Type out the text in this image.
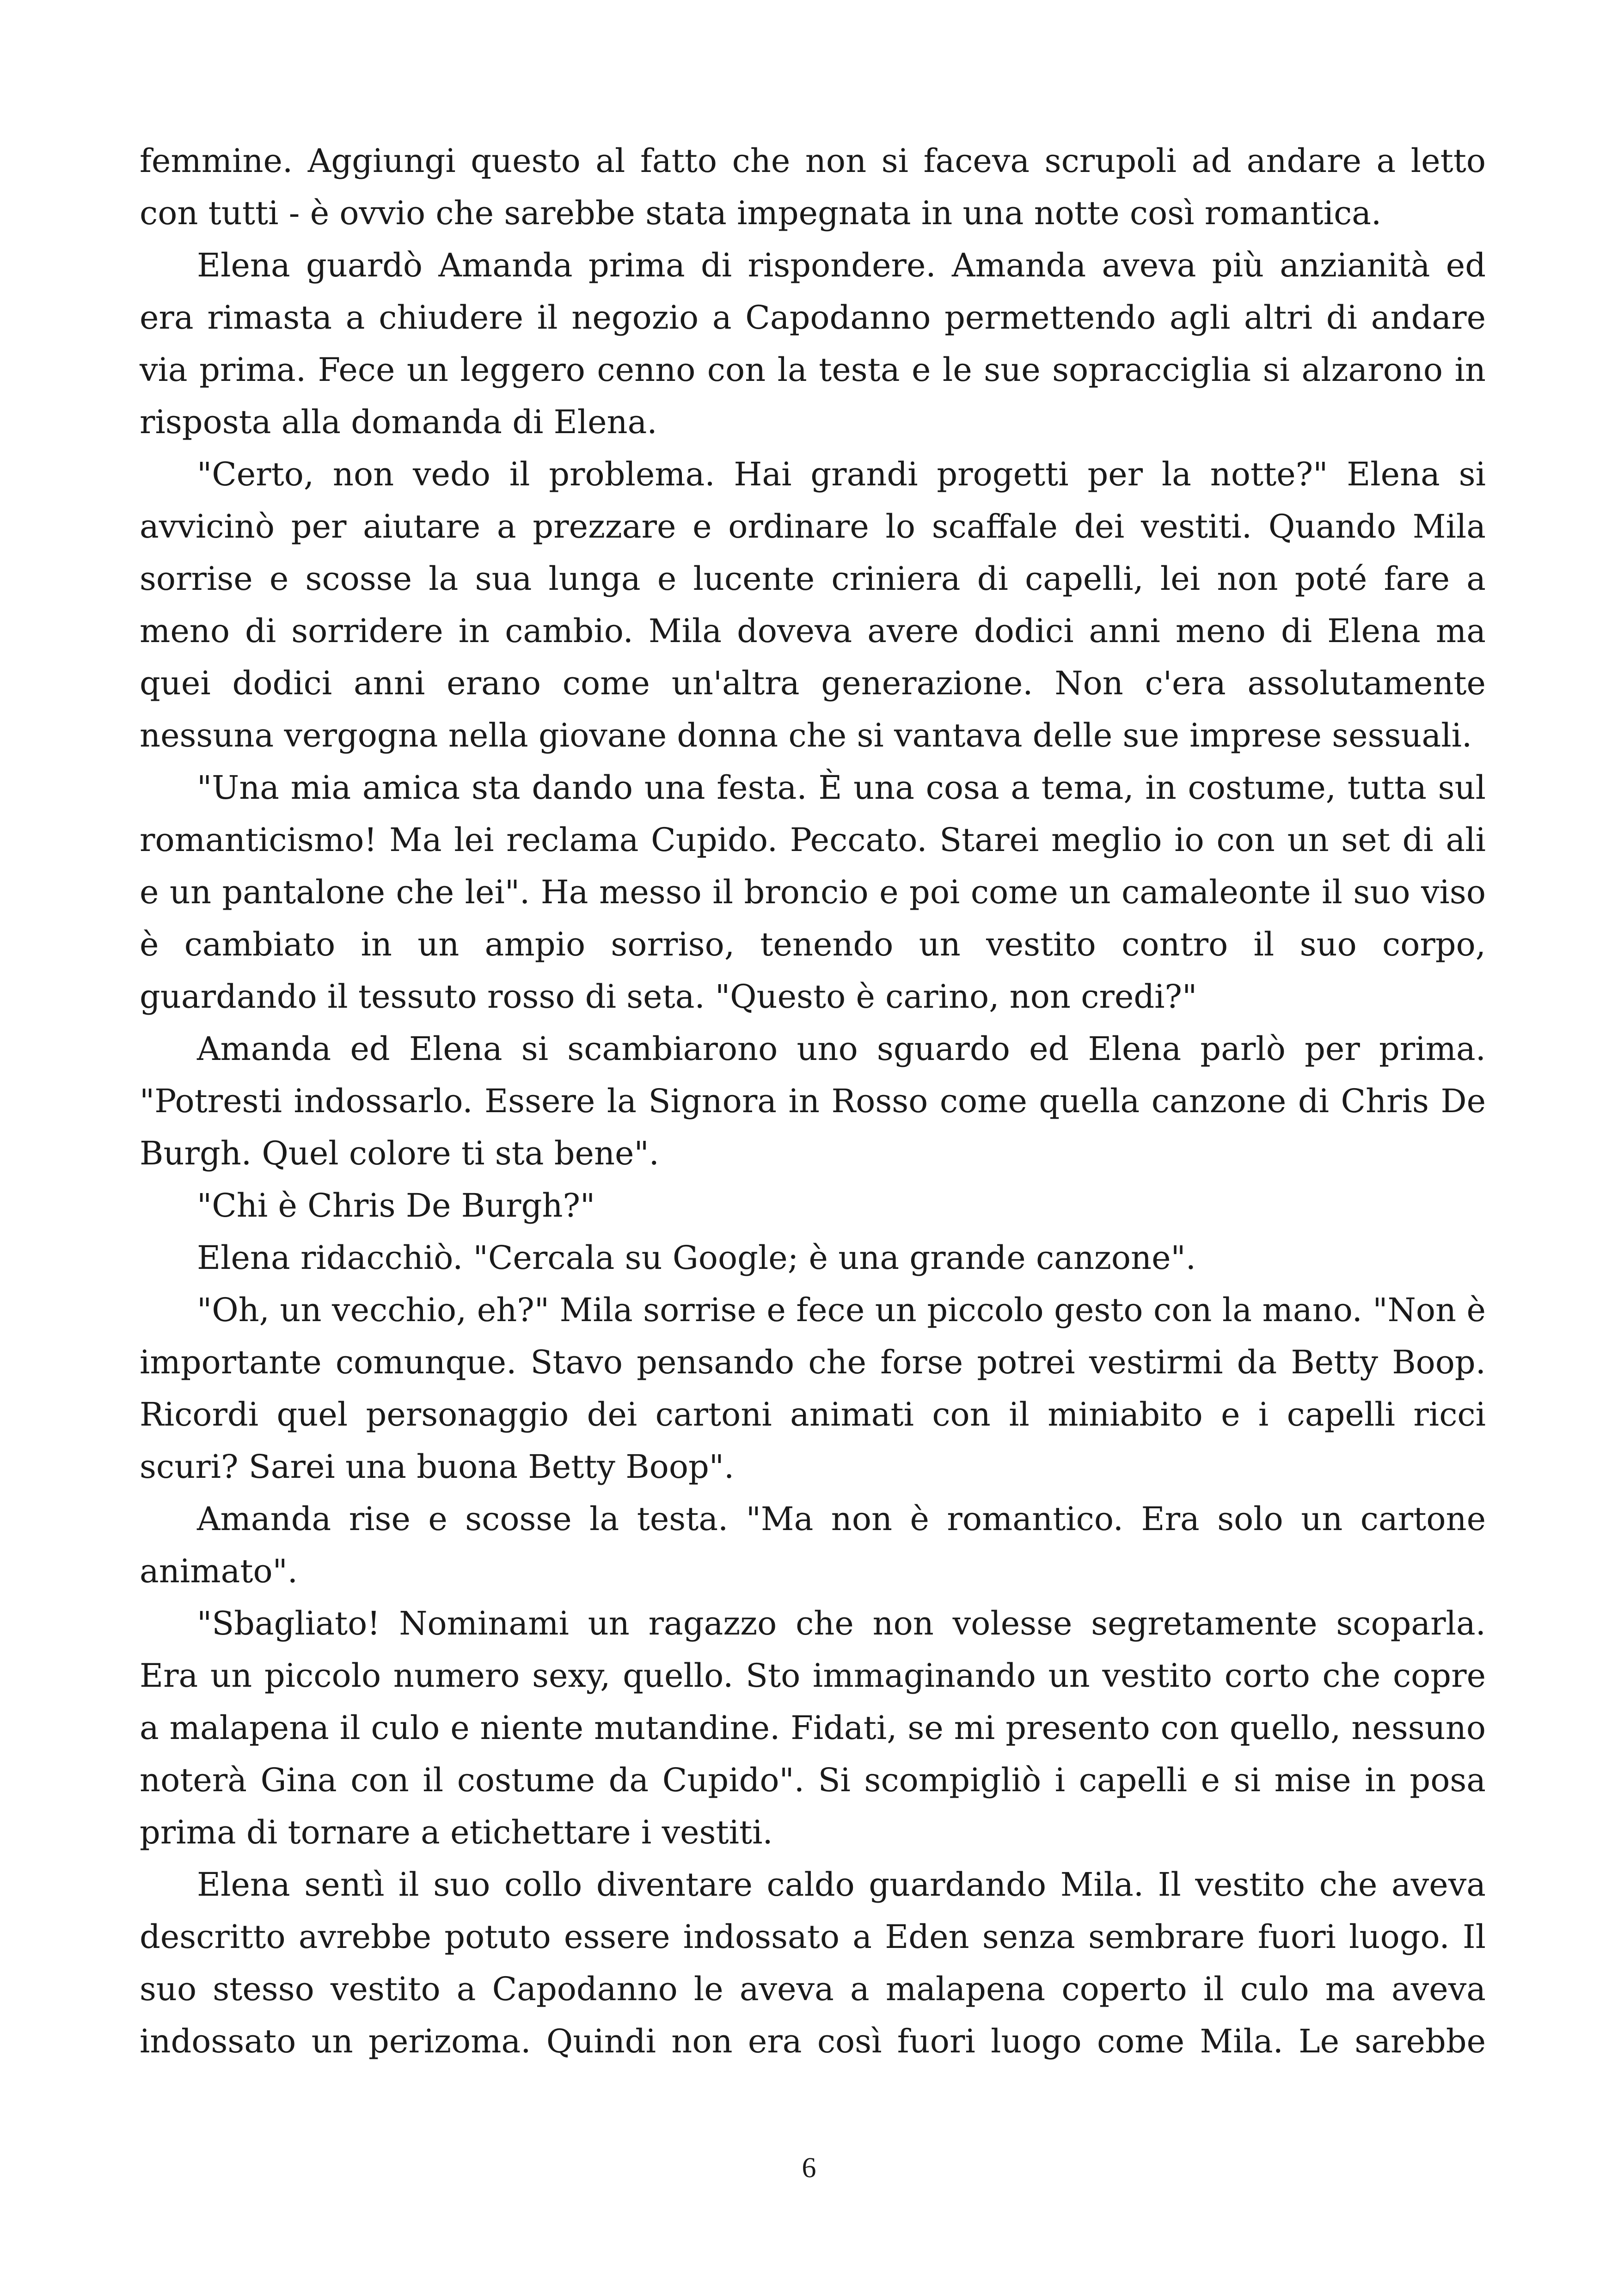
femmine. Aggiungi questo al fatto che non si faceva scrupoli ad andare a letto con tutti - è ovvio che sarebbe stata impegnata in una notte così romantica.

Elena guardò Amanda prima di rispondere. Amanda aveva più anzianità ed era rimasta a chiudere il negozio a Capodanno permettendo agli altri di andare via prima. Fece un leggero cenno con la testa e le sue sopracciglia si alzarono in risposta alla domanda di Elena.

"Certo, non vedo il problema. Hai grandi progetti per la notte?" Elena si avvicinò per aiutare a prezzare e ordinare lo scaffale dei vestiti. Quando Mila sorrise e scosse la sua lunga e lucente criniera di capelli, lei non poté fare a meno di sorridere in cambio. Mila doveva avere dodici anni meno di Elena ma quei dodici anni erano come un'altra generazione. Non c'era assolutamente nessuna vergogna nella giovane donna che si vantava delle sue imprese sessuali.

"Una mia amica sta dando una festa. È una cosa a tema, in costume, tutta sul romanticismo! Ma lei reclama Cupido. Peccato. Starei meglio io con un set di ali e un pantalone che lei". Ha messo il broncio e poi come un camaleonte il suo viso è cambiato in un ampio sorriso, tenendo un vestito contro il suo corpo, guardando il tessuto rosso di seta. "Questo è carino, non credi?"

Amanda ed Elena si scambiarono uno sguardo ed Elena parlò per prima. "Potresti indossarlo. Essere la Signora in Rosso come quella canzone di Chris De Burgh. Quel colore ti sta bene".

"Chi è Chris De Burgh?"

Elena ridacchiò. "Cercala su Google; è una grande canzone".

"Oh, un vecchio, eh?" Mila sorrise e fece un piccolo gesto con la mano. "Non è importante comunque. Stavo pensando che forse potrei vestirmi da Betty Boop. Ricordi quel personaggio dei cartoni animati con il miniabito e i capelli ricci scuri? Sarei una buona Betty Boop".

Amanda rise e scosse la testa. "Ma non è romantico. Era solo un cartone animato".

"Sbagliato! Nominami un ragazzo che non volesse segretamente scoparla. Era un piccolo numero sexy, quello. Sto immaginando un vestito corto che copre a malapena il culo e niente mutandine. Fidati, se mi presento con quello, nessuno noterà Gina con il costume da Cupido". Si scompigliò i capelli e si mise in posa prima di tornare a etichettare i vestiti.

Elena sentì il suo collo diventare caldo guardando Mila. Il vestito che aveva descritto avrebbe potuto essere indossato a Eden senza sembrare fuori luogo. Il suo stesso vestito a Capodanno le aveva a malapena coperto il culo ma aveva indossato un perizoma. Quindi non era così fuori luogo come Mila. Le sarebbe

6
